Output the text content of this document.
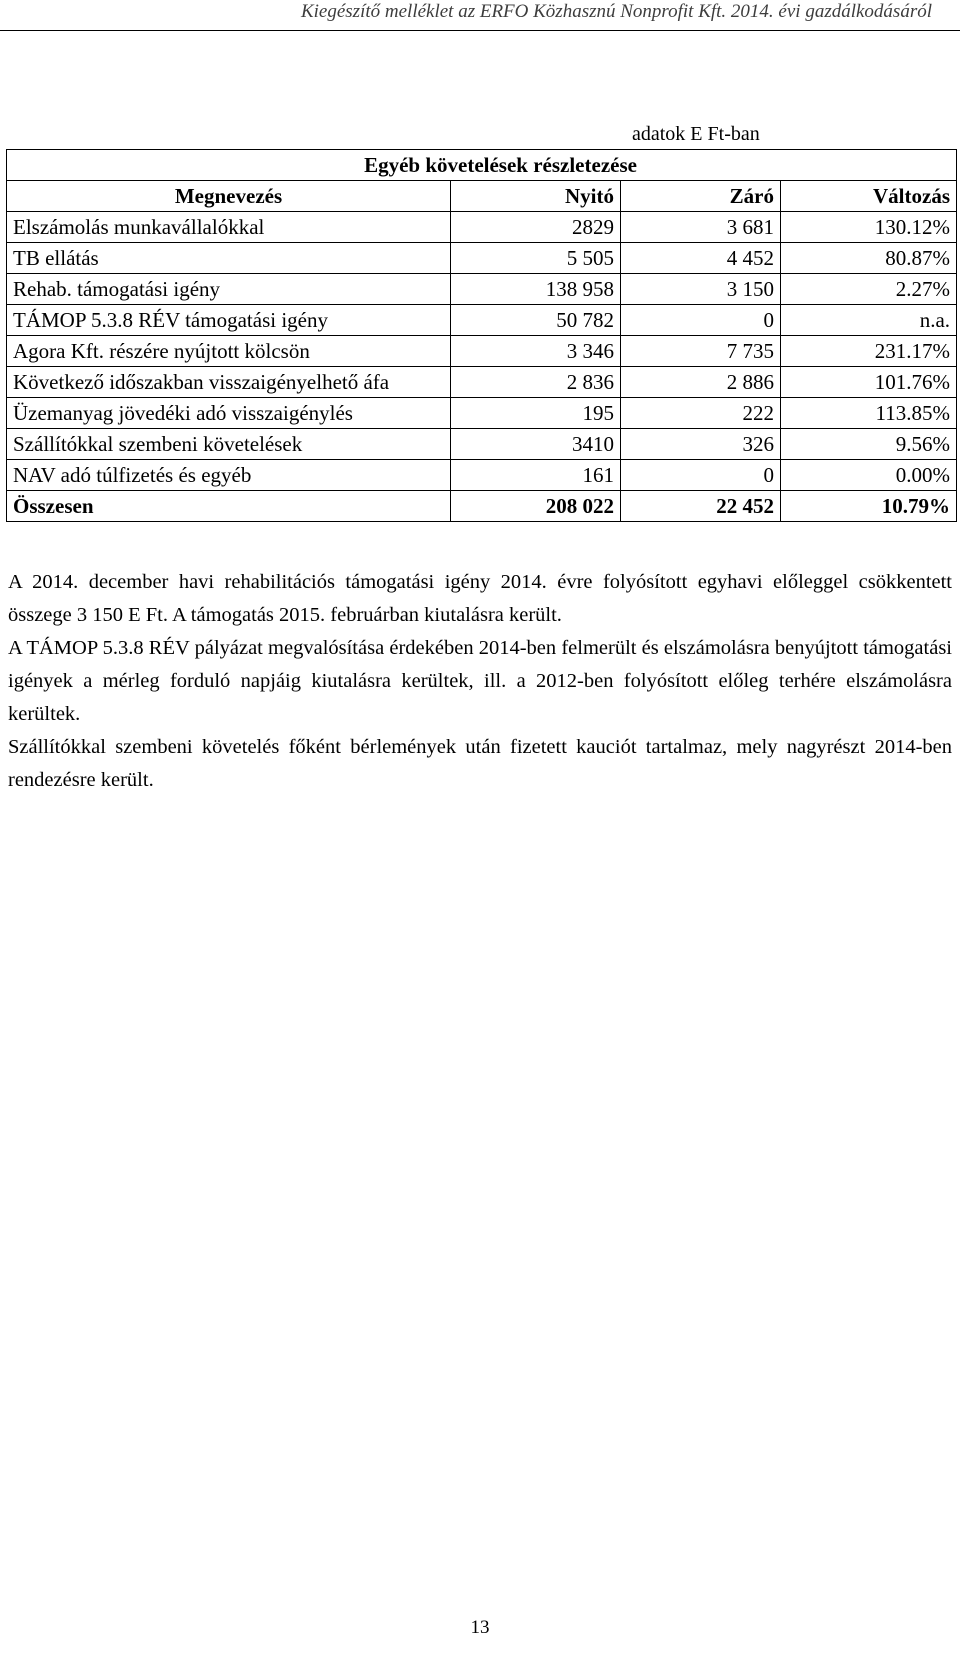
Kiegészítő melléklet az ERFO Közhasznú Nonprofit Kft. 2014. évi gazdálkodásáról
adatok E Ft-ban
Egyéb követelések részletezése			
Megnevezés	Nyitó	Záró	Változás
Elszámolás munkavállalókkal	2829	3 681	130.12%
TB ellátás	5 505	4 452	80.87%
Rehab. támogatási igény	138 958	3 150	2.27%
TÁMOP 5.3.8 RÉV támogatási igény	50 782	0	n.a.
Agora Kft. részére nyújtott kölcsön	3 346	7 735	231.17%
Következő időszakban visszaigényelhető áfa	2 836	2 886	101.76%
Üzemanyag jövedéki adó visszaigénylés	195	222	113.85%
Szállítókkal szembeni követelések	3410	326	9.56%
NAV adó túlfizetés és egyéb	161	0	0.00%
Összesen	208 022	22 452	10.79%

A 2014. december havi rehabilitációs támogatási igény 2014. évre folyósított egyhavi előleggel csökkentett összege 3 150 E Ft. A támogatás 2015. februárban kiutalásra került.

A TÁMOP 5.3.8 RÉV pályázat megvalósítása érdekében 2014-ben felmerült és elszámolásra benyújtott támogatási igények a mérleg forduló napjáig kiutalásra kerültek, ill. a 2012-ben folyósított előleg terhére elszámolásra kerültek.

Szállítókkal szembeni követelés főként bérlemények után fizetett kauciót tartalmaz, mely nagyrészt 2014-ben rendezésre került.

13
